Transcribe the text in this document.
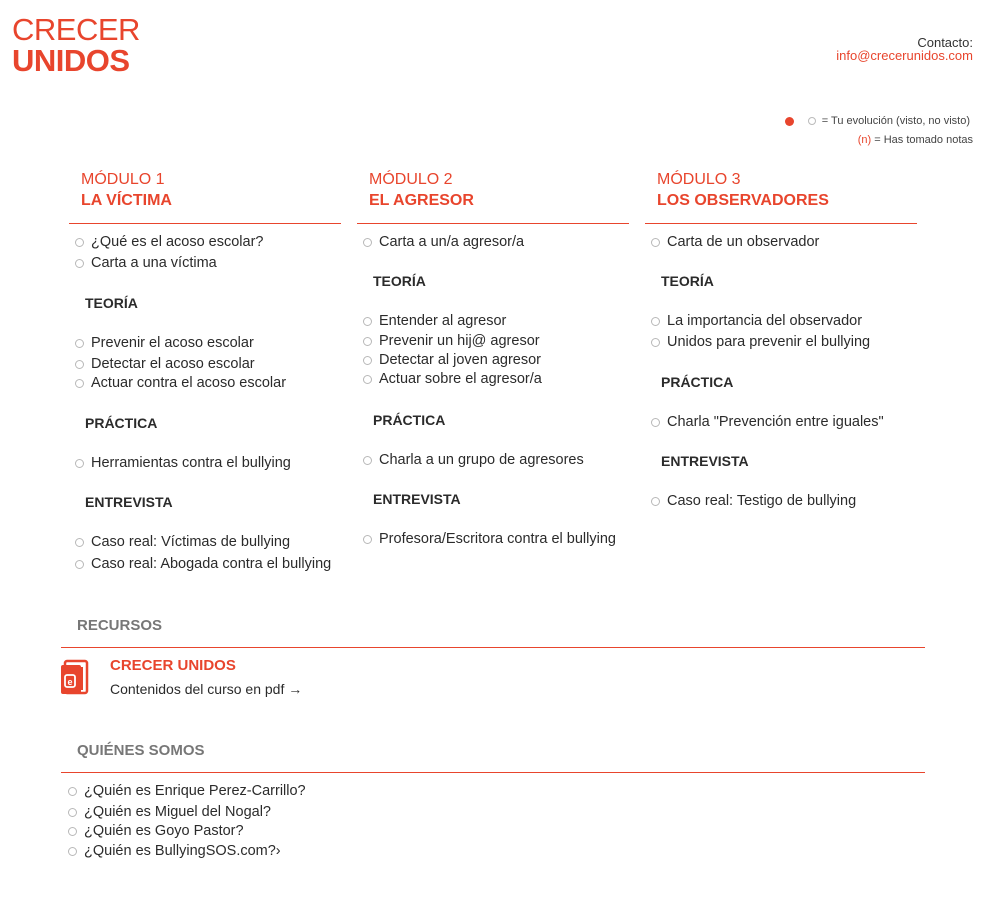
CRECER
UNIDOS
Contacto:
info@crecerunidos.com
= Tu evolución (visto, no visto)
(n) = Has tomado notas
MÓDULO 1
LA VÍCTIMA
¿Qué es el acoso escolar?
Carta a una víctima
TEORÍA
Prevenir el acoso escolar
Detectar el acoso escolar
Actuar contra el acoso escolar
PRÁCTICA
Herramientas contra el bullying
ENTREVISTA
Caso real: Víctimas de bullying
Caso real: Abogada contra el bullying
MÓDULO 2
EL AGRESOR
Carta a un/a agresor/a
TEORÍA
Entender al agresor
Prevenir un hij@ agresor
Detectar al joven agresor
Actuar sobre el agresor/a
PRÁCTICA
Charla a un grupo de agresores
ENTREVISTA
Profesora/Escritora contra el bullying
MÓDULO 3
LOS OBSERVADORES
Carta de un observador
TEORÍA
La importancia del observador
Unidos para prevenir el bullying
PRÁCTICA
Charla "Prevención entre iguales"
ENTREVISTA
Caso real: Testigo de bullying
RECURSOS
e
CRECER UNIDOS
Contenidos del curso en pdf →
QUIÉNES SOMOS
¿Quién es Enrique Perez-Carrillo?
¿Quién es Miguel del Nogal?
¿Quién es Goyo Pastor?
¿Quién es BullyingSOS.com?›
